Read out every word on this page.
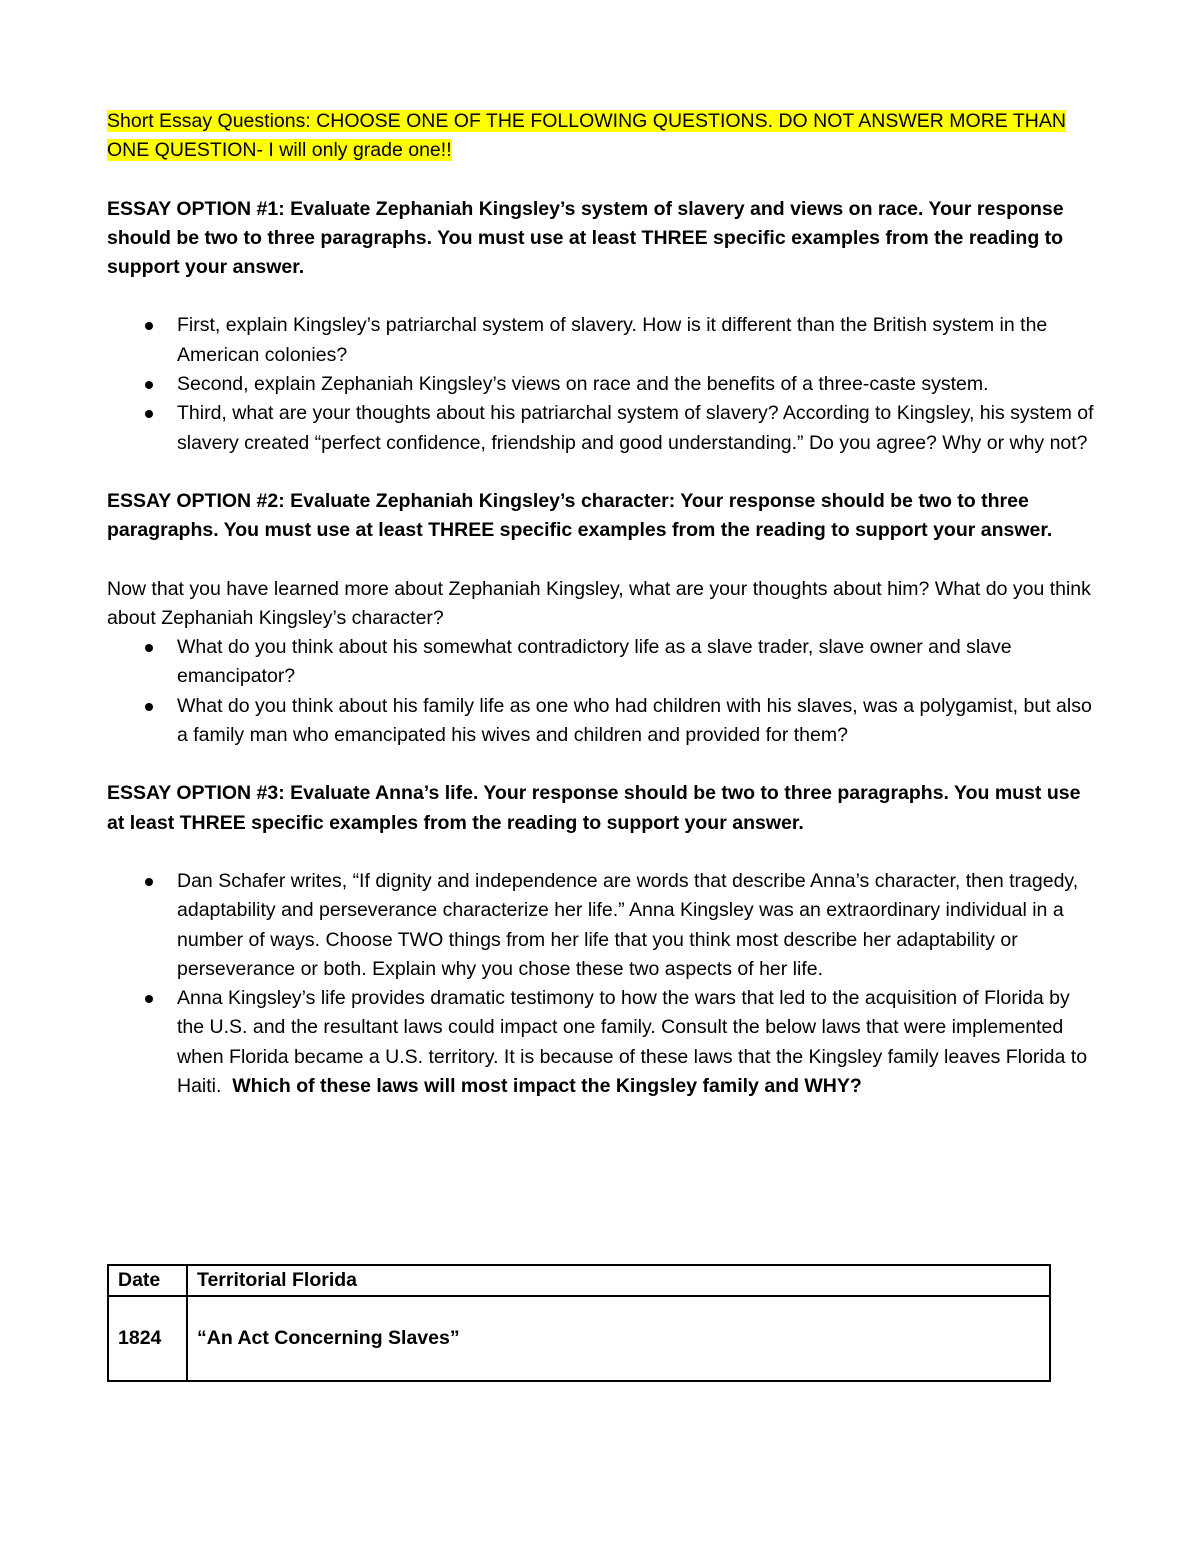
Short Essay Questions: CHOOSE ONE OF THE FOLLOWING QUESTIONS. DO NOT ANSWER MORE THAN
ONE QUESTION- I will only grade one!!

ESSAY OPTION #1: Evaluate Zephaniah Kingsley’s system of slavery and views on race. Your response should be two to three paragraphs. You must use at least THREE specific examples from the reading to support your answer.

First, explain Kingsley’s patriarchal system of slavery. How is it different than the British system in the American colonies?
Second, explain Zephaniah Kingsley’s views on race and the benefits of a three-caste system.
Third, what are your thoughts about his patriarchal system of slavery? According to Kingsley, his system of slavery created “perfect confidence, friendship and good understanding.” Do you agree? Why or why not?

ESSAY OPTION #2: Evaluate Zephaniah Kingsley’s character: Your response should be two to three paragraphs. You must use at least THREE specific examples from the reading to support your answer.

Now that you have learned more about Zephaniah Kingsley, what are your thoughts about him? What do you think about Zephaniah Kingsley’s character?

What do you think about his somewhat contradictory life as a slave trader, slave owner and slave emancipator?
What do you think about his family life as one who had children with his slaves, was a polygamist, but also a family man who emancipated his wives and children and provided for them?

ESSAY OPTION #3: Evaluate Anna’s life. Your response should be two to three paragraphs. You must use at least THREE specific examples from the reading to support your answer.

Dan Schafer writes, “If dignity and independence are words that describe Anna’s character, then tragedy, adaptability and perseverance characterize her life.” Anna Kingsley was an extraordinary individual in a number of ways. Choose TWO things from her life that you think most describe her adaptability or perseverance or both. Explain why you chose these two aspects of her life.
Anna Kingsley’s life provides dramatic testimony to how the wars that led to the acquisition of Florida by the U.S. and the resultant laws could impact one family. Consult the below laws that were implemented when Florida became a U.S. territory. It is because of these laws that the Kingsley family leaves Florida to Haiti. Which of these laws will most impact the Kingsley family and WHY?
Date	Territorial Florida
1824	“An Act Concerning Slaves”
